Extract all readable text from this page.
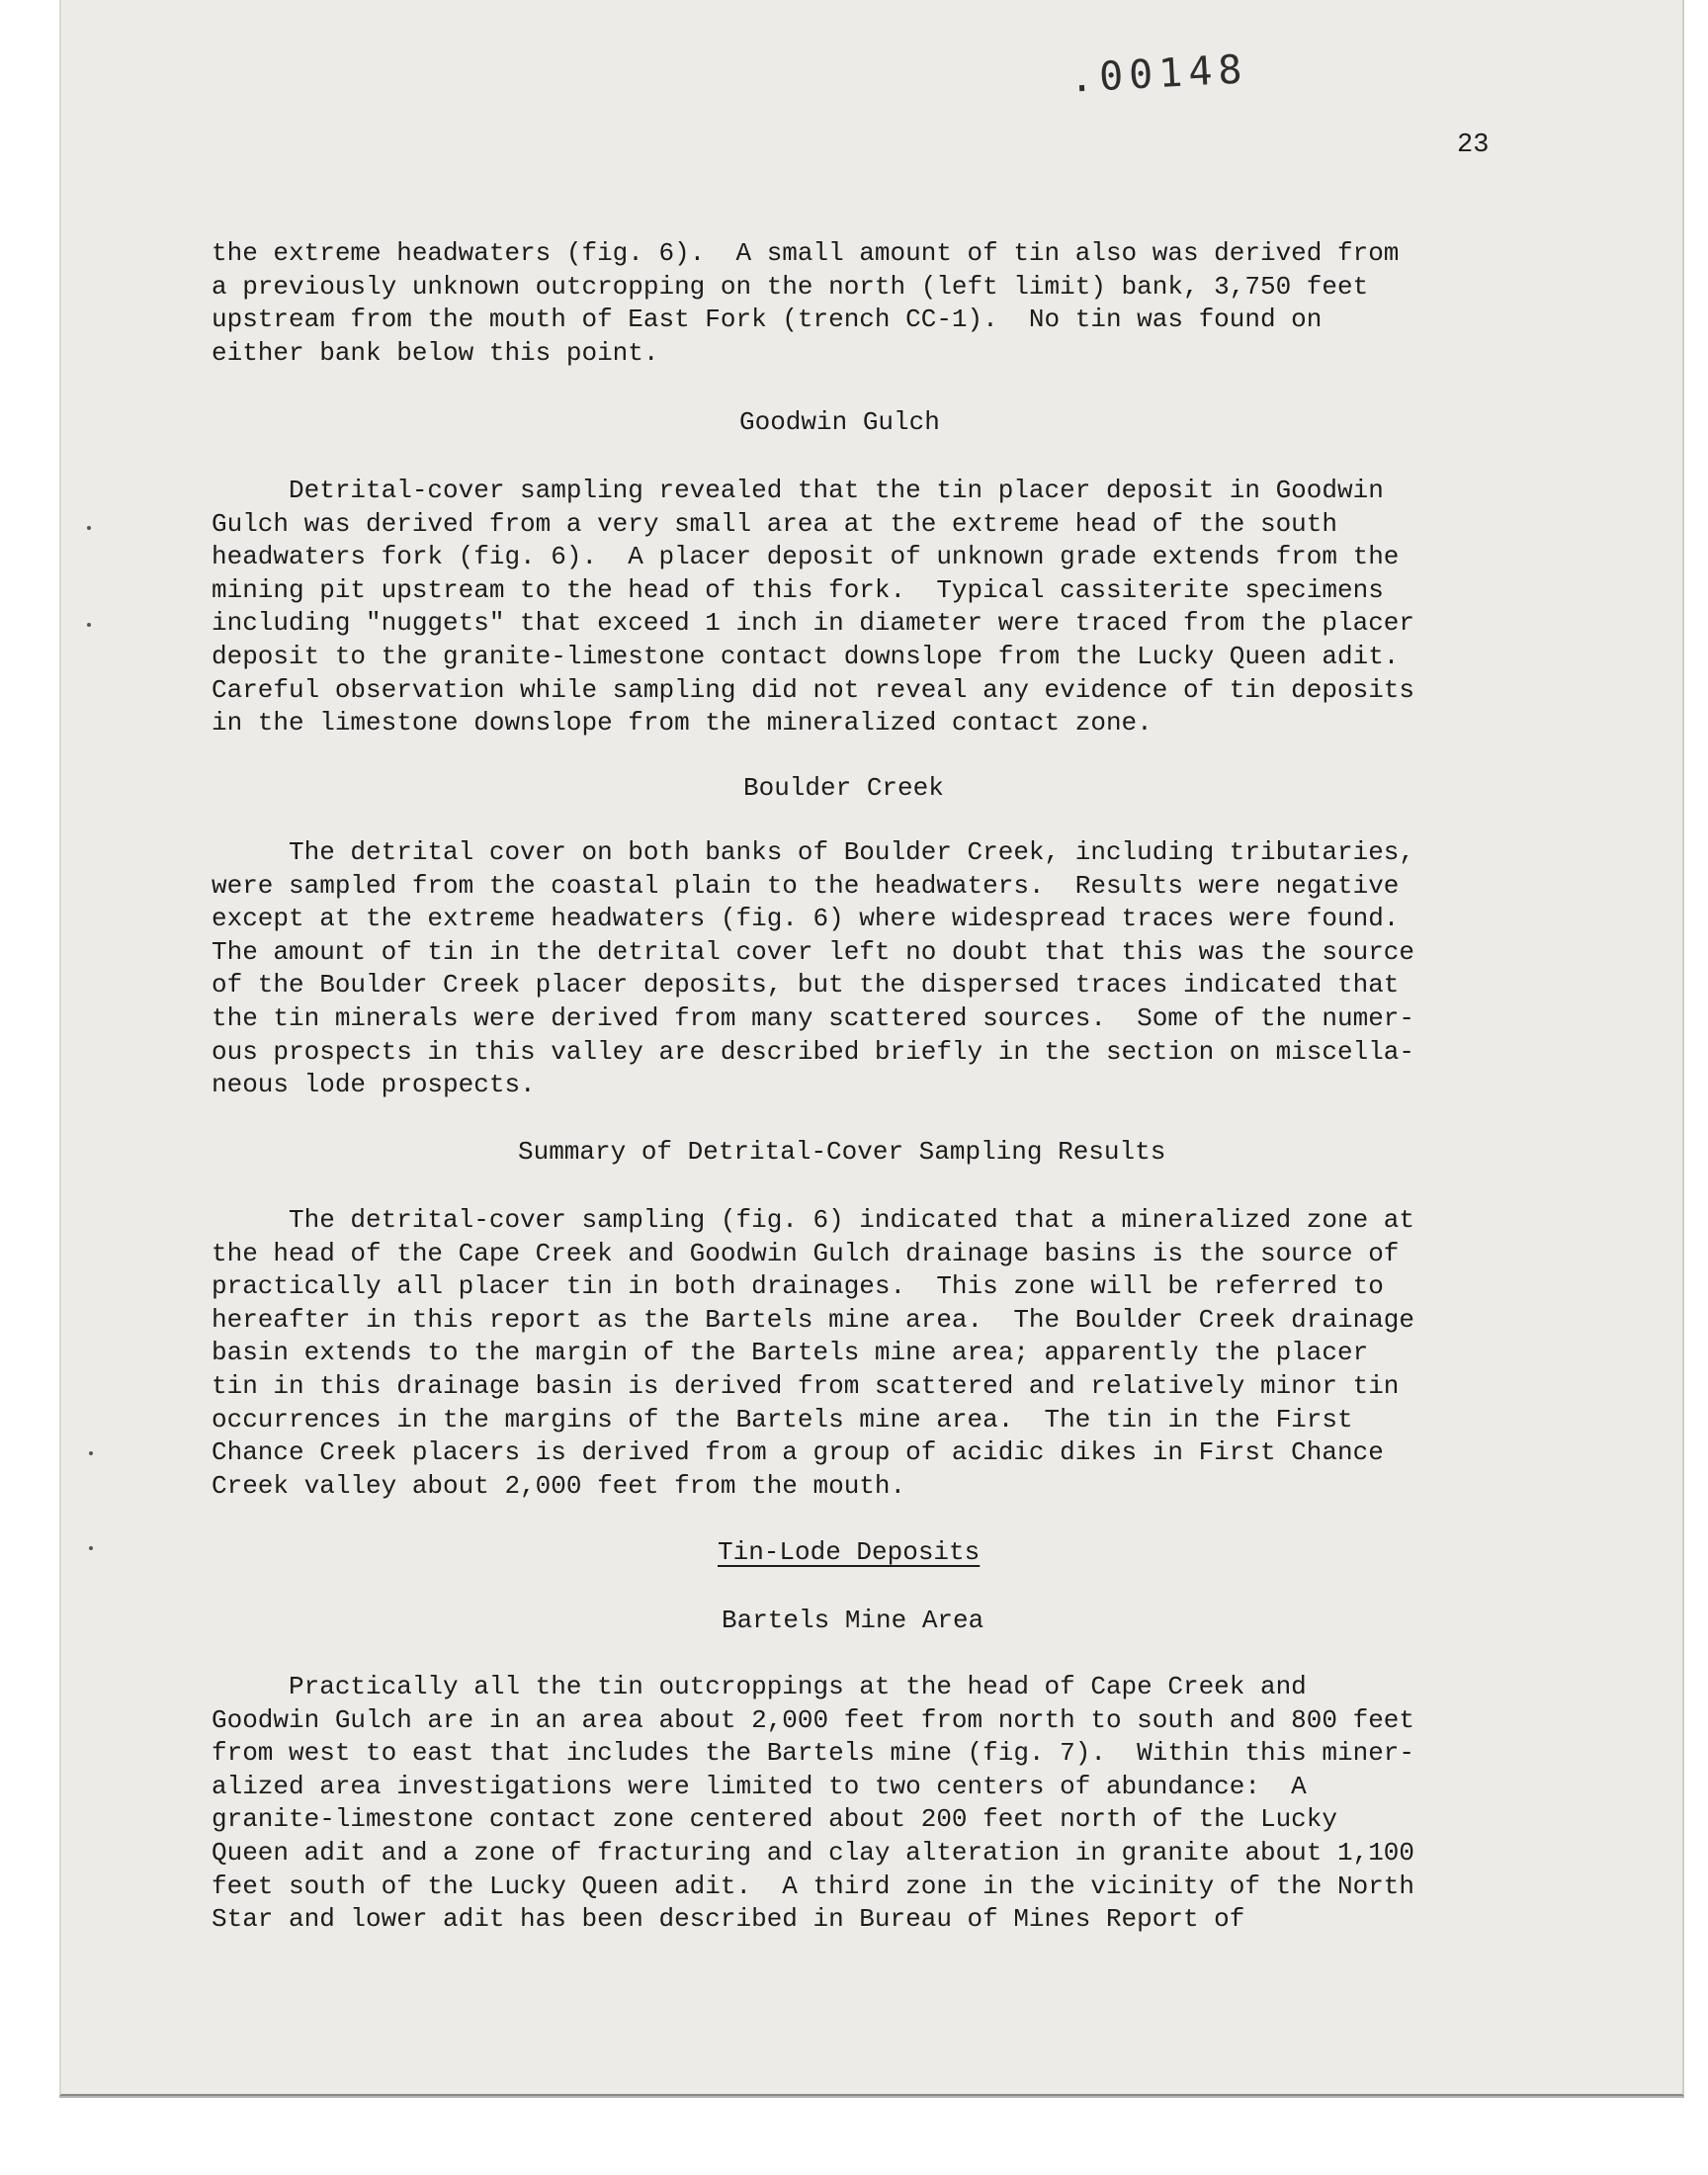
.00148
23
the extreme headwaters (fig. 6).  A small amount of tin also was derived from
a previously unknown outcropping on the north (left limit) bank, 3,750 feet
upstream from the mouth of East Fork (trench CC-1).  No tin was found on
either bank below this point.
Goodwin Gulch
Detrital-cover sampling revealed that the tin placer deposit in Goodwin
Gulch was derived from a very small area at the extreme head of the south
headwaters fork (fig. 6).  A placer deposit of unknown grade extends from the
mining pit upstream to the head of this fork.  Typical cassiterite specimens
including "nuggets" that exceed 1 inch in diameter were traced from the placer
deposit to the granite-limestone contact downslope from the Lucky Queen adit.
Careful observation while sampling did not reveal any evidence of tin deposits
in the limestone downslope from the mineralized contact zone.
Boulder Creek
The detrital cover on both banks of Boulder Creek, including tributaries,
were sampled from the coastal plain to the headwaters.  Results were negative
except at the extreme headwaters (fig. 6) where widespread traces were found.
The amount of tin in the detrital cover left no doubt that this was the source
of the Boulder Creek placer deposits, but the dispersed traces indicated that
the tin minerals were derived from many scattered sources.  Some of the numer-
ous prospects in this valley are described briefly in the section on miscella-
neous lode prospects.
Summary of Detrital-Cover Sampling Results
The detrital-cover sampling (fig. 6) indicated that a mineralized zone at
the head of the Cape Creek and Goodwin Gulch drainage basins is the source of
practically all placer tin in both drainages.  This zone will be referred to
hereafter in this report as the Bartels mine area.  The Boulder Creek drainage
basin extends to the margin of the Bartels mine area; apparently the placer
tin in this drainage basin is derived from scattered and relatively minor tin
occurrences in the margins of the Bartels mine area.  The tin in the First
Chance Creek placers is derived from a group of acidic dikes in First Chance
Creek valley about 2,000 feet from the mouth.
Tin-Lode Deposits
Bartels Mine Area
Practically all the tin outcroppings at the head of Cape Creek and
Goodwin Gulch are in an area about 2,000 feet from north to south and 800 feet
from west to east that includes the Bartels mine (fig. 7).  Within this miner-
alized area investigations were limited to two centers of abundance:  A
granite-limestone contact zone centered about 200 feet north of the Lucky
Queen adit and a zone of fracturing and clay alteration in granite about 1,100
feet south of the Lucky Queen adit.  A third zone in the vicinity of the North
Star and lower adit has been described in Bureau of Mines Report of
